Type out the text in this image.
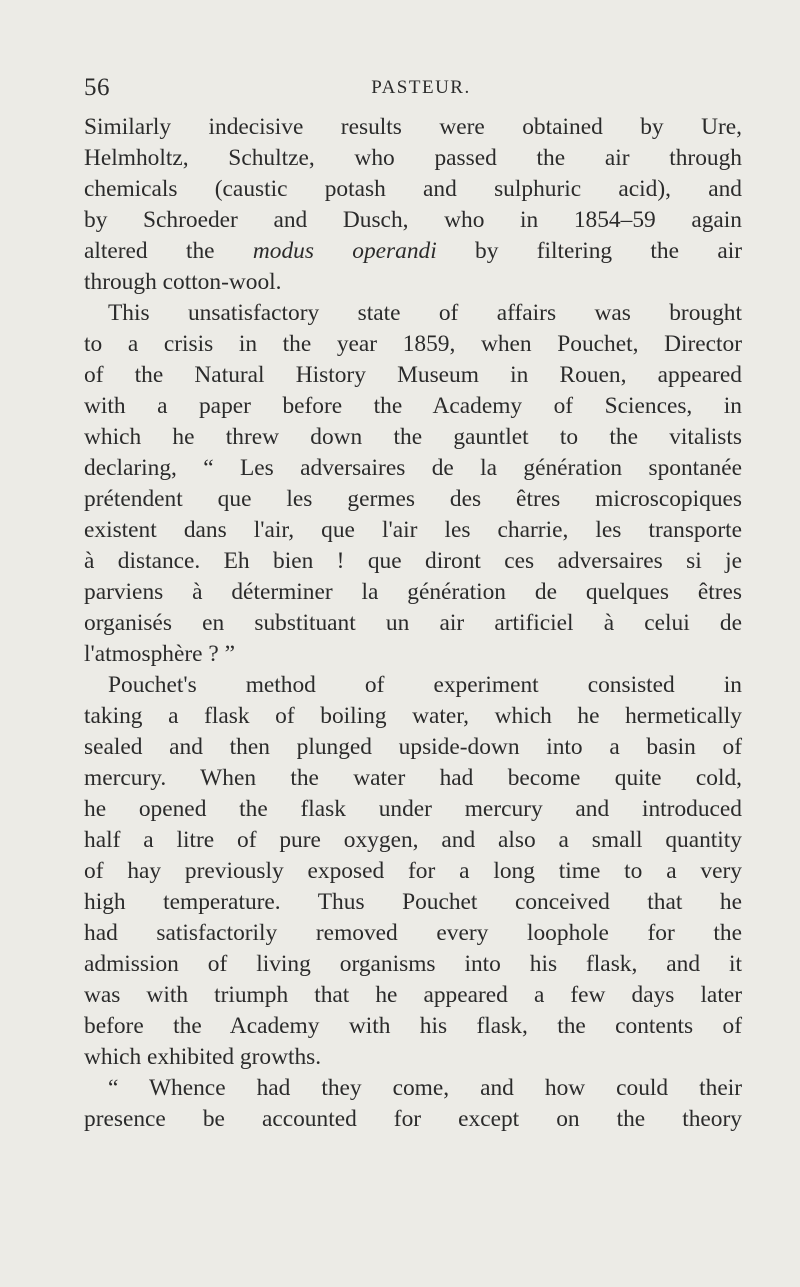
56	PASTEUR.
Similarly indecisive results were obtained by Ure,
Helmholtz, Schultze, who passed the air through
chemicals (caustic potash and sulphuric acid), and
by Schroeder and Dusch, who in 1854–59 again
altered the modus operandi by filtering the air
through cotton-wool.
This unsatisfactory state of affairs was brought
to a crisis in the year 1859, when Pouchet, Director
of the Natural History Museum in Rouen, appeared
with a paper before the Academy of Sciences, in
which he threw down the gauntlet to the vitalists
declaring, “ Les adversaires de la génération spontanée
prétendent que les germes des êtres microscopiques
existent dans l'air, que l'air les charrie, les transporte
à distance. Eh bien ! que diront ces adversaires si je
parviens à déterminer la génération de quelques êtres
organisés en substituant un air artificiel à celui de
l'atmosphère ? ”
Pouchet's method of experiment consisted in
taking a flask of boiling water, which he hermetically
sealed and then plunged upside-down into a basin of
mercury. When the water had become quite cold,
he opened the flask under mercury and introduced
half a litre of pure oxygen, and also a small quantity
of hay previously exposed for a long time to a very
high temperature. Thus Pouchet conceived that he
had satisfactorily removed every loophole for the
admission of living organisms into his flask, and it
was with triumph that he appeared a few days later
before the Academy with his flask, the contents of
which exhibited growths.
“ Whence had they come, and how could their
presence be accounted for except on the theory
